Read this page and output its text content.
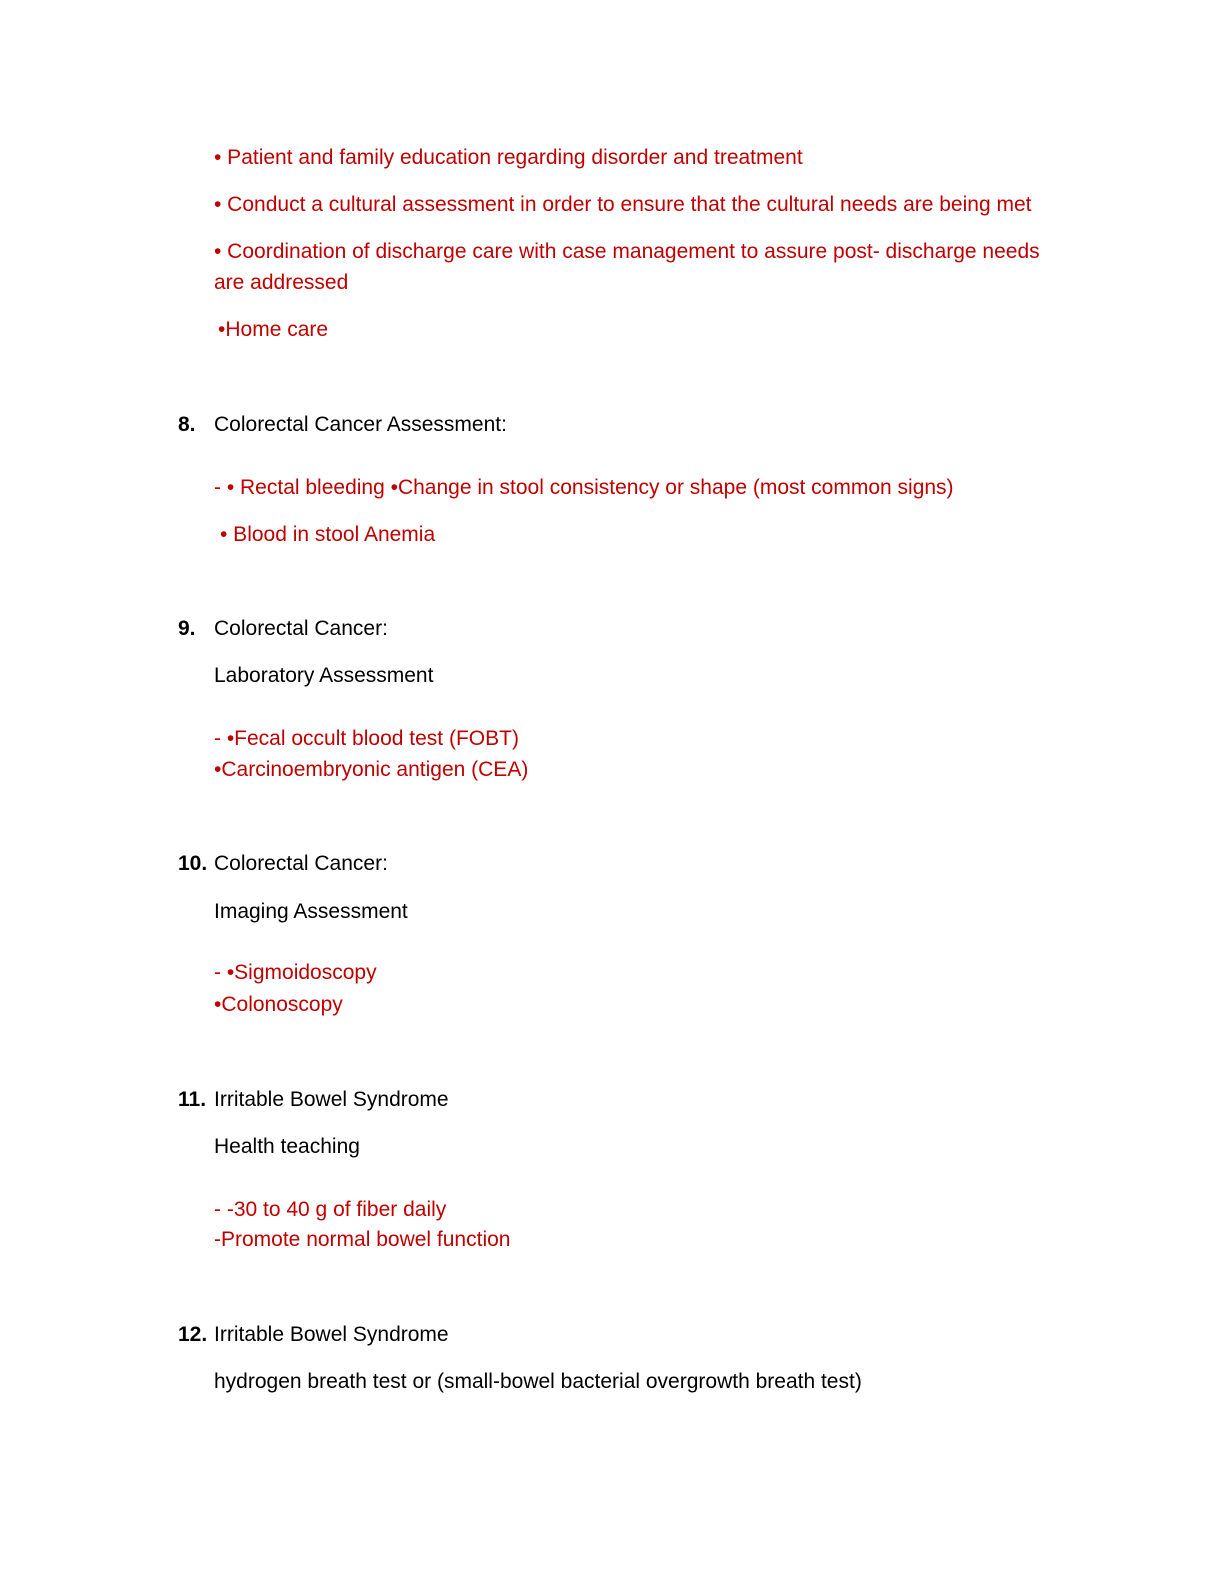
• Patient and family education regarding disorder and treatment
• Conduct a cultural assessment in order to ensure that the cultural needs are being met
• Coordination of discharge care with case management to assure post- discharge needs
are addressed
•Home care
8. Colorectal Cancer Assessment:
- • Rectal bleeding •Change in stool consistency or shape (most common signs)
• Blood in stool Anemia
9. Colorectal Cancer:
Laboratory Assessment
- •Fecal occult blood test (FOBT)
•Carcinoembryonic antigen (CEA)
10. Colorectal Cancer:
Imaging Assessment
- •Sigmoidoscopy
•Colonoscopy
11. Irritable Bowel Syndrome
Health teaching
- -30 to 40 g of fiber daily
-Promote normal bowel function
12. Irritable Bowel Syndrome
hydrogen breath test or (small-bowel bacterial overgrowth breath test)
